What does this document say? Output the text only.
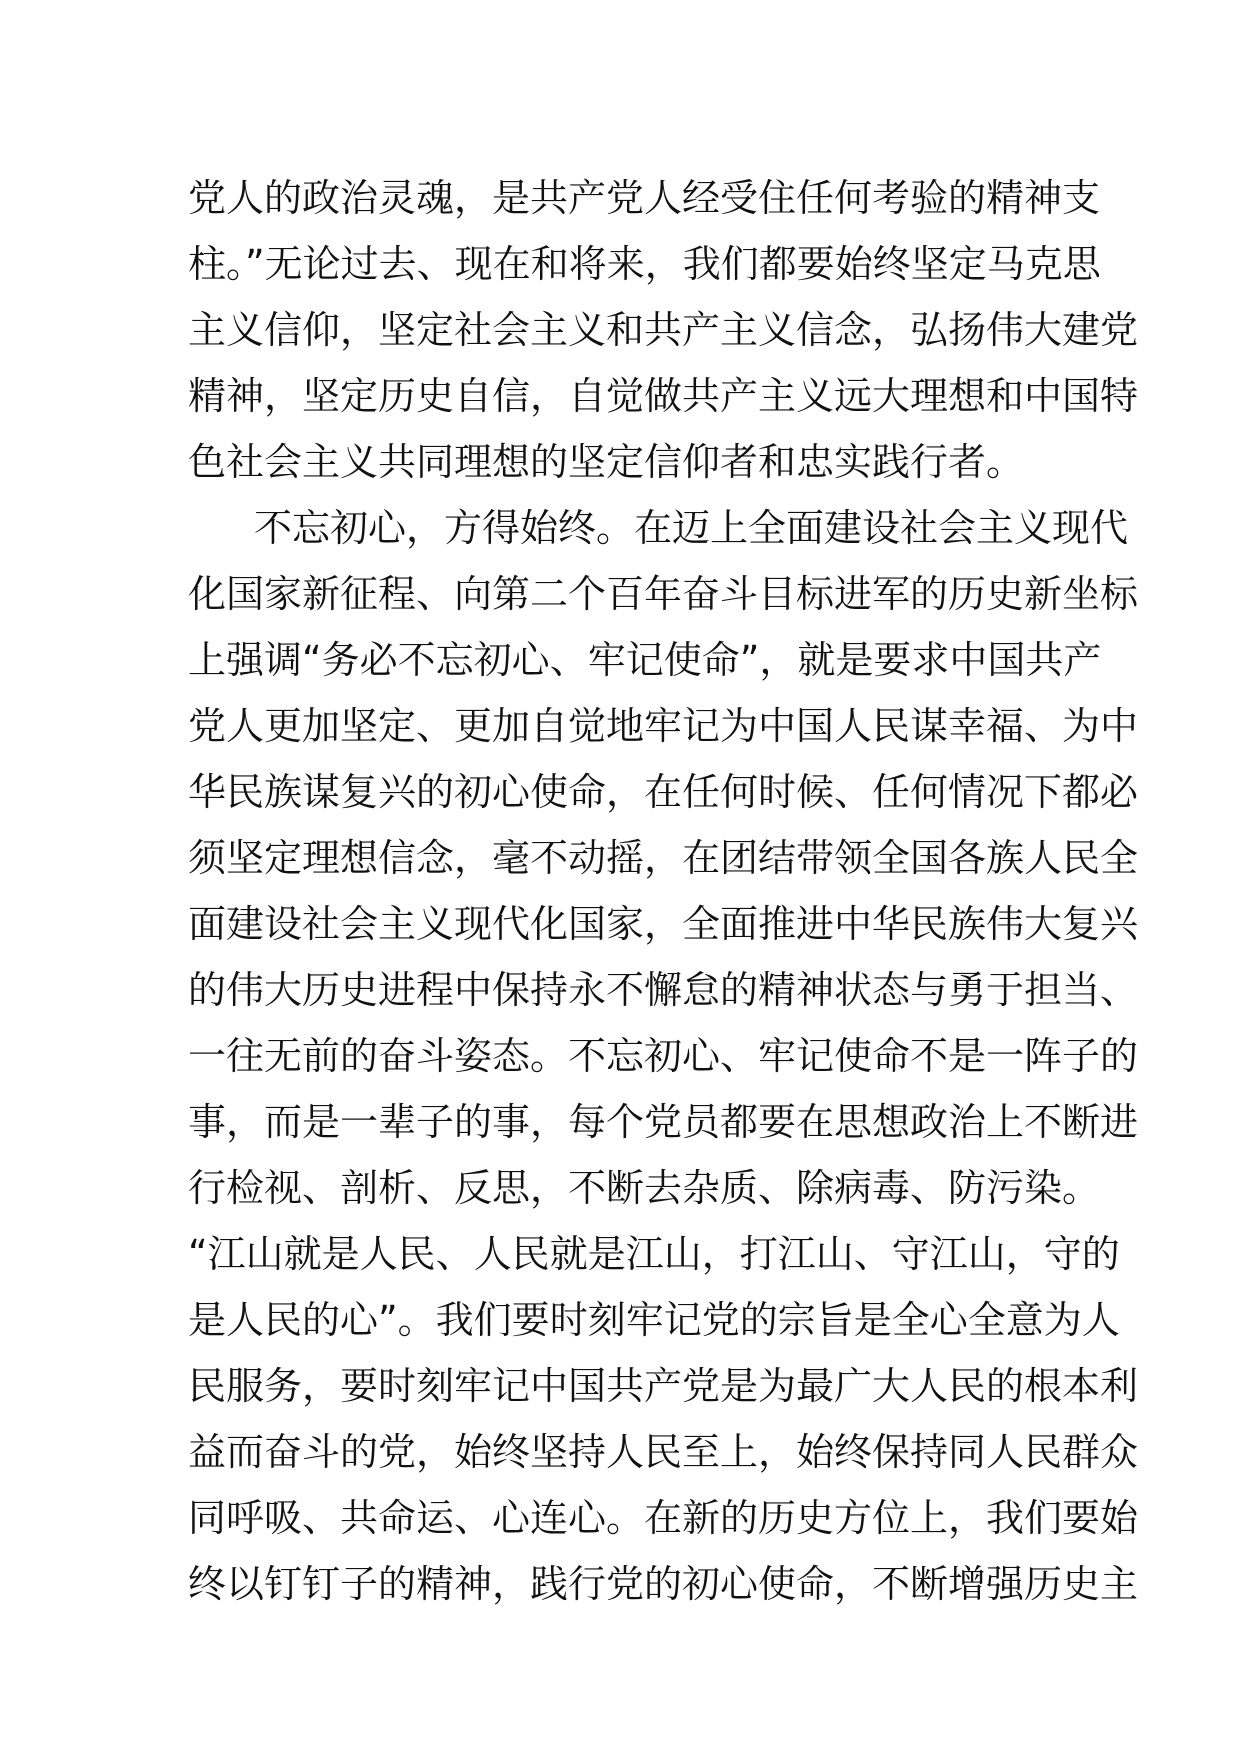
党人的政治灵魂，是共产党人经受住任何考验的精神支
柱。”无论过去、现在和将来，我们都要始终坚定马克思
主义信仰，坚定社会主义和共产主义信念，弘扬伟大建党
精神，坚定历史自信，自觉做共产主义远大理想和中国特
色社会主义共同理想的坚定信仰者和忠实践行者。
不忘初心，方得始终。在迈上全面建设社会主义现代
化国家新征程、向第二个百年奋斗目标进军的历史新坐标
上强调“务必不忘初心、牢记使命”，就是要求中国共产
党人更加坚定、更加自觉地牢记为中国人民谋幸福、为中
华民族谋复兴的初心使命，在任何时候、任何情况下都必
须坚定理想信念，毫不动摇，在团结带领全国各族人民全
面建设社会主义现代化国家，全面推进中华民族伟大复兴
的伟大历史进程中保持永不懈怠的精神状态与勇于担当、
一往无前的奋斗姿态。不忘初心、牢记使命不是一阵子的
事，而是一辈子的事，每个党员都要在思想政治上不断进
行检视、剖析、反思，不断去杂质、除病毒、防污染。
“江山就是人民、人民就是江山，打江山、守江山，守的
是人民的心”。我们要时刻牢记党的宗旨是全心全意为人
民服务，要时刻牢记中国共产党是为最广大人民的根本利
益而奋斗的党，始终坚持人民至上，始终保持同人民群众
同呼吸、共命运、心连心。在新的历史方位上，我们要始
终以钉钉子的精神，践行党的初心使命，不断增强历史主
